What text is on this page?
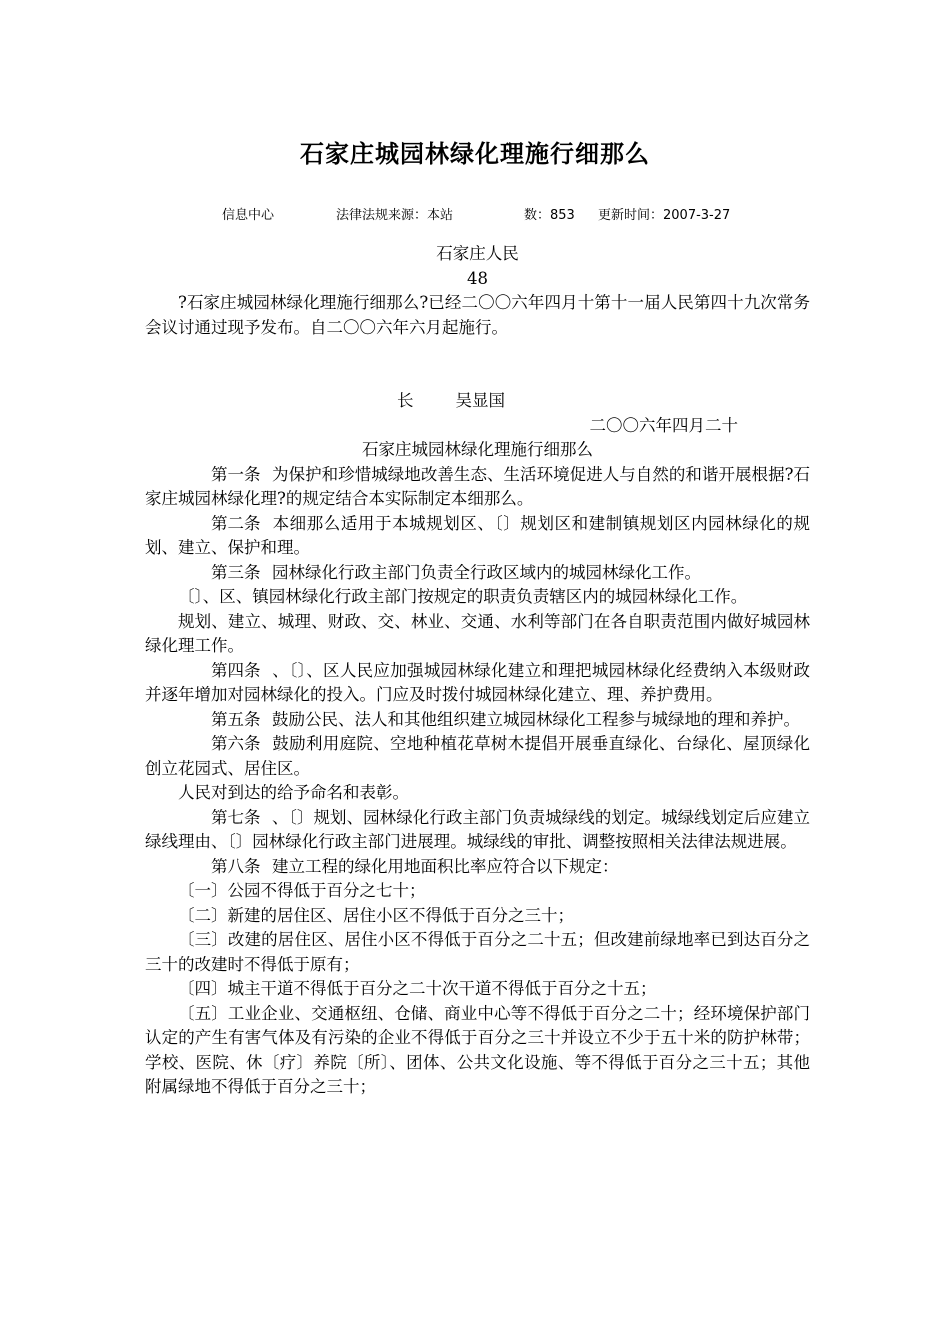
石家庄城园林绿化理施行细那么
信息中心	法律法规来源：本站	数：853 更新时间：2007-3-27
石家庄人民
48
?石家庄城园林绿化理施行细那么?已经二〇〇六年四月十第十一届人民第四十九次常务会议讨通过现予发布。自二〇〇六年六月起施行。
长	吴显国
二〇〇六年四月二十
石家庄城园林绿化理施行细那么
第一条 为保护和珍惜城绿地改善生态、生活环境促进人与自然的和谐开展根据?石家庄城园林绿化理?的规定结合本实际制定本细那么。
第二条 本细那么适用于本城规划区、〔〕规划区和建制镇规划区内园林绿化的规划、建立、保护和理。
第三条 园林绿化行政主部门负责全行政区域内的城园林绿化工作。
〔〕、区、镇园林绿化行政主部门按规定的职责负责辖区内的城园林绿化工作。
规划、建立、城理、财政、交、林业、交通、水利等部门在各自职责范围内做好城园林绿化理工作。
第四条 、〔〕、区人民应加强城园林绿化建立和理把城园林绿化经费纳入本级财政并逐年增加对园林绿化的投入。门应及时拨付城园林绿化建立、理、养护费用。
第五条 鼓励公民、法人和其他组织建立城园林绿化工程参与城绿地的理和养护。
第六条 鼓励利用庭院、空地种植花草树木提倡开展垂直绿化、台绿化、屋顶绿化创立花园式、居住区。
人民对到达的给予命名和表彰。
第七条 、〔〕规划、园林绿化行政主部门负责城绿线的划定。城绿线划定后应建立绿线理由、〔〕园林绿化行政主部门进展理。城绿线的审批、调整按照相关法律法规进展。
第八条 建立工程的绿化用地面积比率应符合以下规定：
〔一〕公园不得低于百分之七十；
〔二〕新建的居住区、居住小区不得低于百分之三十；
〔三〕改建的居住区、居住小区不得低于百分之二十五；但改建前绿地率已到达百分之三十的改建时不得低于原有；
〔四〕城主干道不得低于百分之二十次干道不得低于百分之十五；
〔五〕工业企业、交通枢纽、仓储、商业中心等不得低于百分之二十；经环境保护部门认定的产生有害气体及有污染的企业不得低于百分之三十并设立不少于五十米的防护林带；学校、医院、休〔疗〕养院〔所〕、团体、公共文化设施、等不得低于百分之三十五；其他附属绿地不得低于百分之三十；
